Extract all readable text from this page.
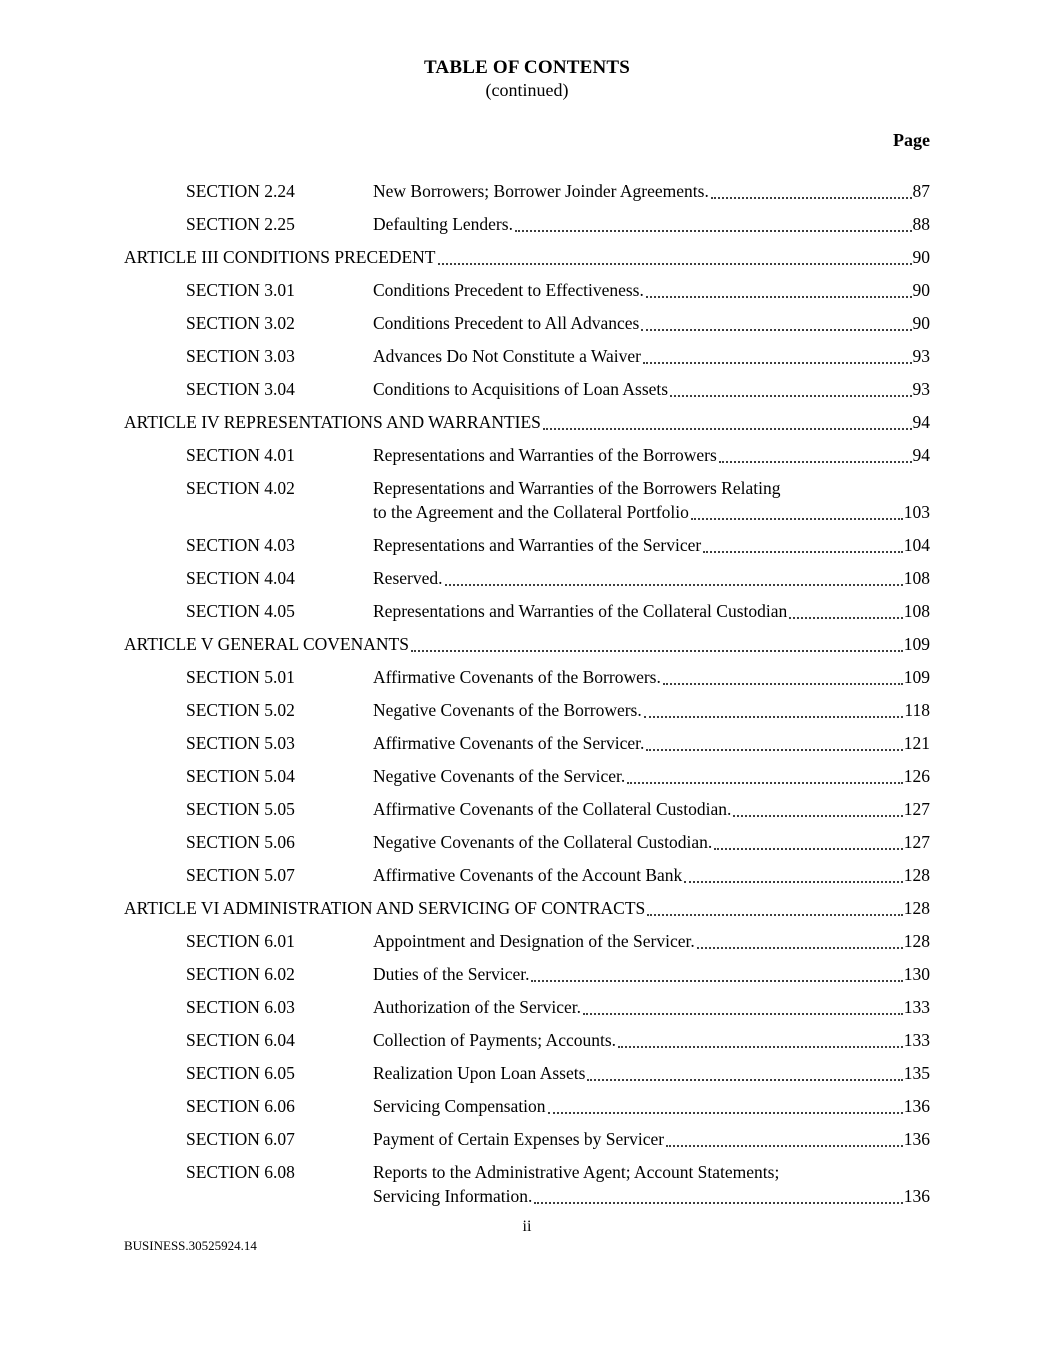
TABLE OF CONTENTS
(continued)
Page
SECTION 2.24	New Borrowers; Borrower Joinder Agreements.	87
SECTION 2.25	Defaulting Lenders.	88
ARTICLE III CONDITIONS PRECEDENT	90
SECTION 3.01	Conditions Precedent to Effectiveness.	90
SECTION 3.02	Conditions Precedent to All Advances	90
SECTION 3.03	Advances Do Not Constitute a Waiver	93
SECTION 3.04	Conditions to Acquisitions of Loan Assets	93
ARTICLE IV REPRESENTATIONS AND WARRANTIES	94
SECTION 4.01	Representations and Warranties of the Borrowers	94
SECTION 4.02	Representations and Warranties of the Borrowers Relating
to the Agreement and the Collateral Portfolio	103
SECTION 4.03	Representations and Warranties of the Servicer	104
SECTION 4.04	Reserved.	108
SECTION 4.05	Representations and Warranties of the Collateral Custodian	108
ARTICLE V GENERAL COVENANTS	109
SECTION 5.01	Affirmative Covenants of the Borrowers.	109
SECTION 5.02	Negative Covenants of the Borrowers.	118
SECTION 5.03	Affirmative Covenants of the Servicer.	121
SECTION 5.04	Negative Covenants of the Servicer.	126
SECTION 5.05	Affirmative Covenants of the Collateral Custodian.	127
SECTION 5.06	Negative Covenants of the Collateral Custodian.	127
SECTION 5.07	Affirmative Covenants of the Account Bank	128
ARTICLE VI ADMINISTRATION AND SERVICING OF CONTRACTS	128
SECTION 6.01	Appointment and Designation of the Servicer.	128
SECTION 6.02	Duties of the Servicer.	130
SECTION 6.03	Authorization of the Servicer.	133
SECTION 6.04	Collection of Payments; Accounts.	133
SECTION 6.05	Realization Upon Loan Assets	135
SECTION 6.06	Servicing Compensation	136
SECTION 6.07	Payment of Certain Expenses by Servicer	136
SECTION 6.08	Reports to the Administrative Agent; Account Statements;
Servicing Information.	136
ii
BUSINESS.30525924.14
